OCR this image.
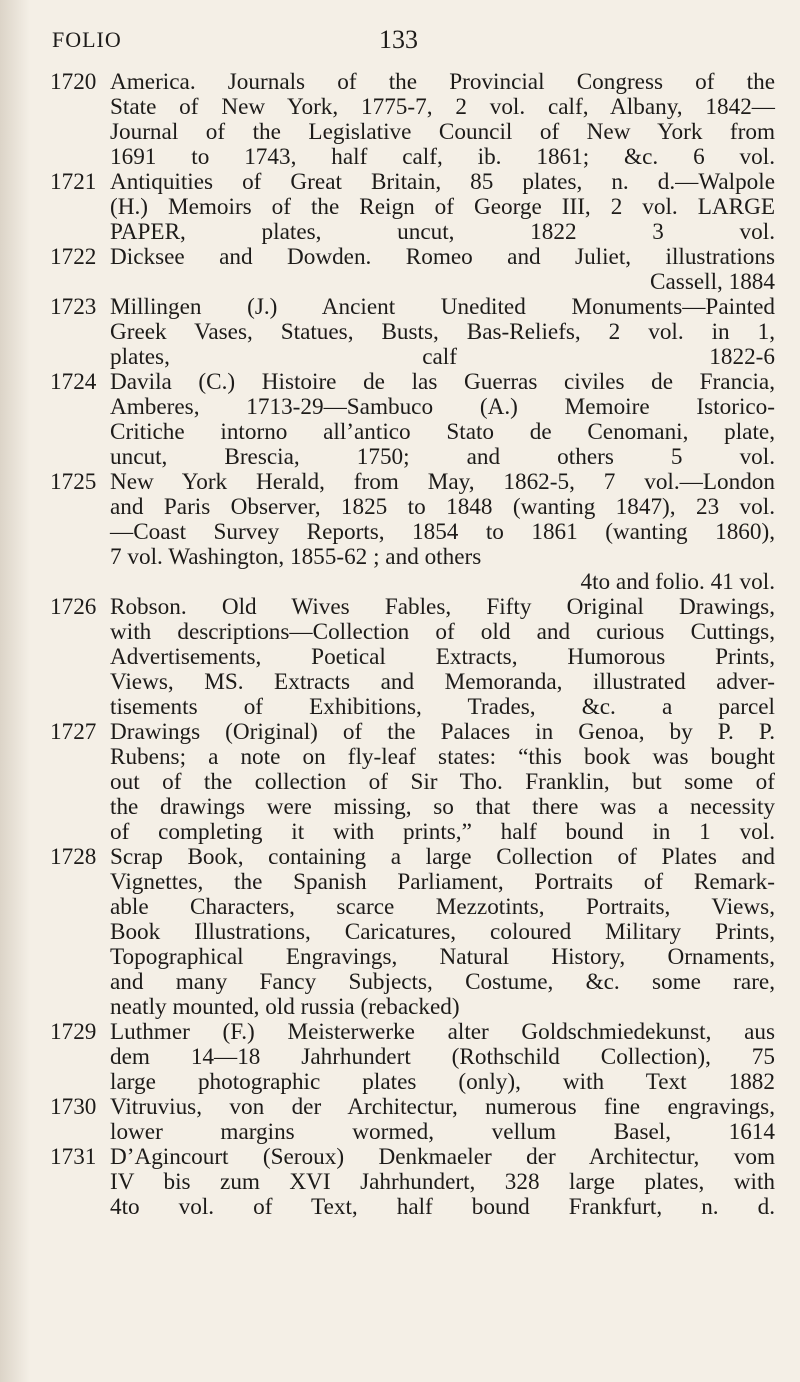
FOLIO	133
1720 America. Journals of the Provincial Congress of the
State of New York, 1775-7, 2 vol. calf, Albany, 1842—
Journal of the Legislative Council of New York from
1691 to 1743, half calf, ib. 1861; &c. 6 vol.
1721 Antiquities of Great Britain, 85 plates, n. d.—Walpole
(H.) Memoirs of the Reign of George III, 2 vol. LARGE
PAPER, plates, uncut, 1822 3 vol.
1722 Dicksee and Dowden. Romeo and Juliet, illustrations
Cassell, 1884
1723 Millingen (J.) Ancient Unedited Monuments—Painted
Greek Vases, Statues, Busts, Bas-Reliefs, 2 vol. in 1,
plates, calf 1822-6
1724 Davila (C.) Histoire de las Guerras civiles de Francia,
Amberes, 1713-29—Sambuco (A.) Memoire Istorico-
Critiche intorno all’antico Stato de Cenomani, plate,
uncut, Brescia, 1750; and others 5 vol.
1725 New York Herald, from May, 1862-5, 7 vol.—London
and Paris Observer, 1825 to 1848 (wanting 1847), 23 vol.
—Coast Survey Reports, 1854 to 1861 (wanting 1860),
7 vol. Washington, 1855-62 ; and others
4to and folio. 41 vol.
1726 Robson. Old Wives Fables, Fifty Original Drawings,
with descriptions—Collection of old and curious Cuttings,
Advertisements, Poetical Extracts, Humorous Prints,
Views, MS. Extracts and Memoranda, illustrated adver-
tisements of Exhibitions, Trades, &c. a parcel
1727 Drawings (Original) of the Palaces in Genoa, by P. P.
Rubens; a note on fly-leaf states: “this book was bought
out of the collection of Sir Tho. Franklin, but some of
the drawings were missing, so that there was a necessity
of completing it with prints,” half bound in 1 vol.
1728 Scrap Book, containing a large Collection of Plates and
Vignettes, the Spanish Parliament, Portraits of Remark-
able Characters, scarce Mezzotints, Portraits, Views,
Book Illustrations, Caricatures, coloured Military Prints,
Topographical Engravings, Natural History, Ornaments,
and many Fancy Subjects, Costume, &c. some rare,
neatly mounted, old russia (rebacked)
1729 Luthmer (F.) Meisterwerke alter Goldschmiedekunst, aus
dem 14—18 Jahrhundert (Rothschild Collection), 75
large photographic plates (only), with Text 1882
1730 Vitruvius, von der Architectur, numerous fine engravings,
lower margins wormed, vellum Basel, 1614
1731 D’Agincourt (Seroux) Denkmaeler der Architectur, vom
IV bis zum XVI Jahrhundert, 328 large plates, with
4to vol. of Text, half bound Frankfurt, n. d.
